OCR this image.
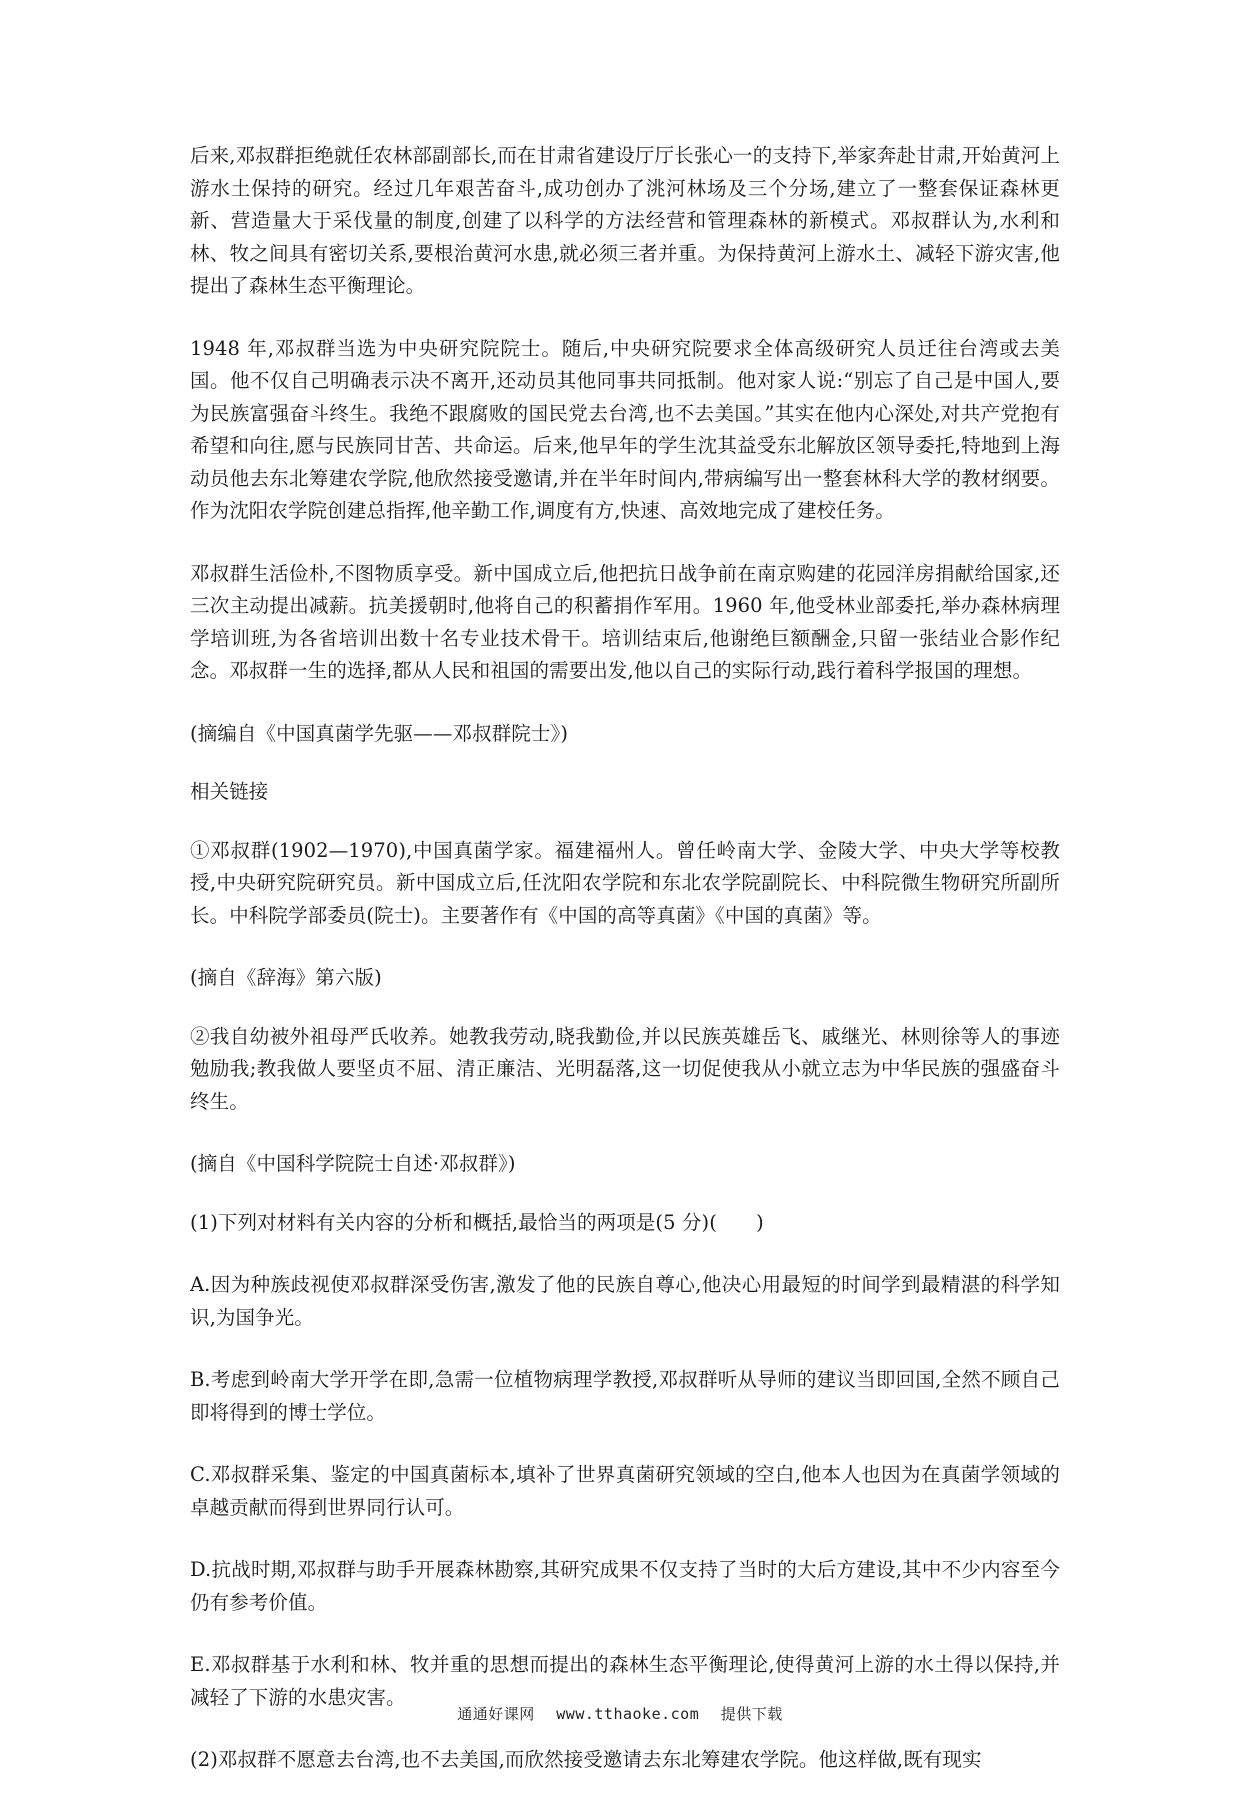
后来,邓叔群拒绝就任农林部副部长,而在甘肃省建设厅厅长张心一的支持下,举家奔赴甘肃,开始黄河上游水土保持的研究。经过几年艰苦奋斗,成功创办了洮河林场及三个分场,建立了一整套保证森林更新、营造量大于采伐量的制度,创建了以科学的方法经营和管理森林的新模式。邓叔群认为,水利和林、牧之间具有密切关系,要根治黄河水患,就必须三者并重。为保持黄河上游水土、减轻下游灾害,他提出了森林生态平衡理论。

1948 年,邓叔群当选为中央研究院院士。随后,中央研究院要求全体高级研究人员迁往台湾或去美国。他不仅自己明确表示决不离开,还动员其他同事共同抵制。他对家人说:“别忘了自己是中国人,要为民族富强奋斗终生。我绝不跟腐败的国民党去台湾,也不去美国。”其实在他内心深处,对共产党抱有希望和向往,愿与民族同甘苦、共命运。后来,他早年的学生沈其益受东北解放区领导委托,特地到上海动员他去东北筹建农学院,他欣然接受邀请,并在半年时间内,带病编写出一整套林科大学的教材纲要。作为沈阳农学院创建总指挥,他辛勤工作,调度有方,快速、高效地完成了建校任务。

邓叔群生活俭朴,不图物质享受。新中国成立后,他把抗日战争前在南京购建的花园洋房捐献给国家,还三次主动提出减薪。抗美援朝时,他将自己的积蓄捐作军用。1960 年,他受林业部委托,举办森林病理学培训班,为各省培训出数十名专业技术骨干。培训结束后,他谢绝巨额酬金,只留一张结业合影作纪念。邓叔群一生的选择,都从人民和祖国的需要出发,他以自己的实际行动,践行着科学报国的理想。

(摘编自《中国真菌学先驱——邓叔群院士》)

相关链接

①邓叔群(1902—1970),中国真菌学家。福建福州人。曾任岭南大学、金陵大学、中央大学等校教授,中央研究院研究员。新中国成立后,任沈阳农学院和东北农学院副院长、中科院微生物研究所副所长。中科院学部委员(院士)。主要著作有《中国的高等真菌》《中国的真菌》等。

(摘自《辞海》第六版)

②我自幼被外祖母严氏收养。她教我劳动,晓我勤俭,并以民族英雄岳飞、戚继光、林则徐等人的事迹勉励我;教我做人要坚贞不屈、清正廉洁、光明磊落,这一切促使我从小就立志为中华民族的强盛奋斗终生。

(摘自《中国科学院院士自述·邓叔群》)

(1)下列对材料有关内容的分析和概括,最恰当的两项是(5 分)(　　)

A.因为种族歧视使邓叔群深受伤害,激发了他的民族自尊心,他决心用最短的时间学到最精湛的科学知识,为国争光。

B.考虑到岭南大学开学在即,急需一位植物病理学教授,邓叔群听从导师的建议当即回国,全然不顾自己即将得到的博士学位。

C.邓叔群采集、鉴定的中国真菌标本,填补了世界真菌研究领域的空白,他本人也因为在真菌学领域的卓越贡献而得到世界同行认可。

D.抗战时期,邓叔群与助手开展森林勘察,其研究成果不仅支持了当时的大后方建设,其中不少内容至今仍有参考价值。

E.邓叔群基于水利和林、牧并重的思想而提出的森林生态平衡理论,使得黄河上游的水土得以保持,并减轻了下游的水患灾害。

(2)邓叔群不愿意去台湾,也不去美国,而欣然接受邀请去东北筹建农学院。他这样做,既有现实

通通好课网 www.tthaoke.com 提供下载
